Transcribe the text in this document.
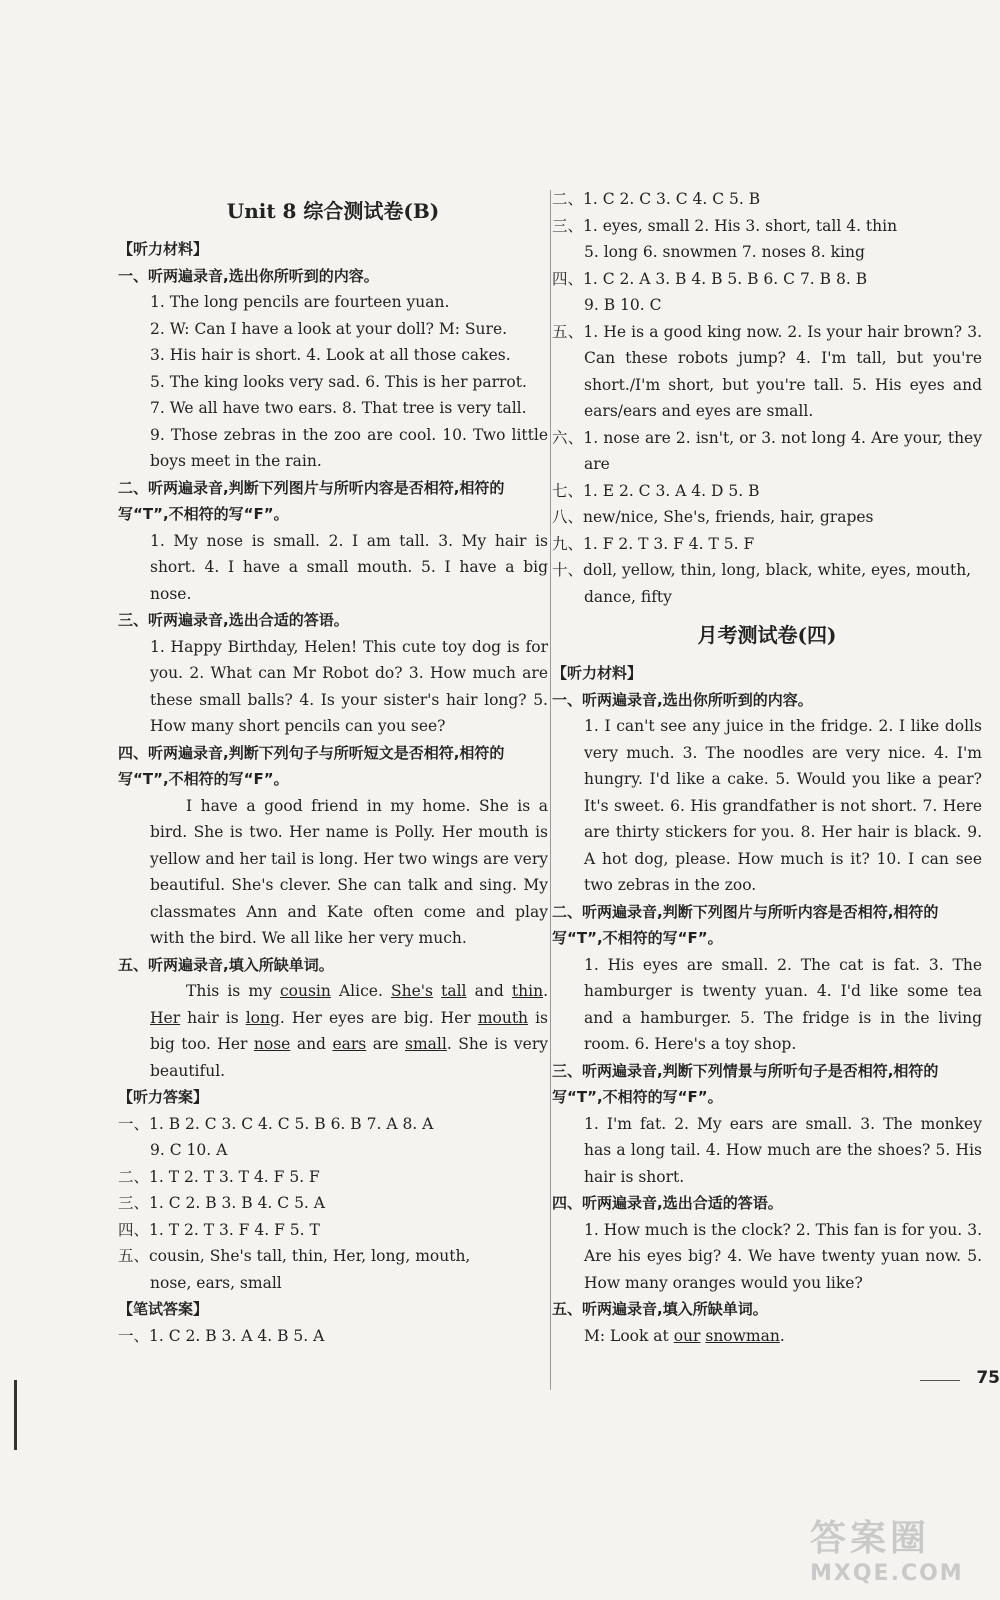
Unit 8 综合测试卷(B)

【听力材料】

一、听两遍录音,选出你所听到的内容。

1. The long pencils are fourteen yuan.

2. W: Can I have a look at your doll? M: Sure.

3. His hair is short. 4. Look at all those cakes.

5. The king looks very sad. 6. This is her parrot.

7. We all have two ears. 8. That tree is very tall.

9. Those zebras in the zoo are cool. 10. Two little boys meet in the rain.

二、听两遍录音,判断下列图片与所听内容是否相符,相符的写“T”,不相符的写“F”。

1. My nose is small. 2. I am tall. 3. My hair is short. 4. I have a small mouth. 5. I have a big nose.

三、听两遍录音,选出合适的答语。

1. Happy Birthday, Helen! This cute toy dog is for you. 2. What can Mr Robot do? 3. How much are these small balls? 4. Is your sister's hair long? 5. How many short pencils can you see?

四、听两遍录音,判断下列句子与所听短文是否相符,相符的写“T”,不相符的写“F”。

I have a good friend in my home. She is a bird. She is two. Her name is Polly. Her mouth is yellow and her tail is long. Her two wings are very beautiful. She's clever. She can talk and sing. My classmates Ann and Kate often come and play with the bird. We all like her very much.

五、听两遍录音,填入所缺单词。

This is my cousin Alice. She's tall and thin. Her hair is long. Her eyes are big. Her mouth is big too. Her nose and ears are small. She is very beautiful.

【听力答案】

一、1. B 2. C 3. C 4. C 5. B 6. B 7. A 8. A

9. C 10. A

二、1. T 2. T 3. T 4. F 5. F

三、1. C 2. B 3. B 4. C 5. A

四、1. T 2. T 3. F 4. F 5. T

五、cousin, She's tall, thin, Her, long, mouth,

nose, ears, small

【笔试答案】

一、1. C 2. B 3. A 4. B 5. A

二、1. C 2. C 3. C 4. C 5. B

三、1. eyes, small 2. His 3. short, tall 4. thin

5. long 6. snowmen 7. noses 8. king

四、1. C 2. A 3. B 4. B 5. B 6. C 7. B 8. B

9. B 10. C

五、1. He is a good king now. 2. Is your hair brown? 3. Can these robots jump? 4. I'm tall, but you're short./I'm short, but you're tall. 5. His eyes and ears/ears and eyes are small.

六、1. nose are 2. isn't, or 3. not long 4. Are your, they are

七、1. E 2. C 3. A 4. D 5. B

八、new/nice, She's, friends, hair, grapes

九、1. F 2. T 3. F 4. T 5. F

十、doll, yellow, thin, long, black, white, eyes, mouth, dance, fifty

月考测试卷(四)

【听力材料】

一、听两遍录音,选出你所听到的内容。

1. I can't see any juice in the fridge. 2. I like dolls very much. 3. The noodles are very nice. 4. I'm hungry. I'd like a cake. 5. Would you like a pear? It's sweet. 6. His grandfather is not short. 7. Here are thirty stickers for you. 8. Her hair is black. 9. A hot dog, please. How much is it? 10. I can see two zebras in the zoo.

二、听两遍录音,判断下列图片与所听内容是否相符,相符的写“T”,不相符的写“F”。

1. His eyes are small. 2. The cat is fat. 3. The hamburger is twenty yuan. 4. I'd like some tea and a hamburger. 5. The fridge is in the living room. 6. Here's a toy shop.

三、听两遍录音,判断下列情景与所听句子是否相符,相符的写“T”,不相符的写“F”。

1. I'm fat. 2. My ears are small. 3. The monkey has a long tail. 4. How much are the shoes? 5. His hair is short.

四、听两遍录音,选出合适的答语。

1. How much is the clock? 2. This fan is for you. 3. Are his eyes big? 4. We have twenty yuan now. 5. How many oranges would you like?

五、听两遍录音,填入所缺单词。

M: Look at our snowman.

75
答案圈
MXQE.COM
